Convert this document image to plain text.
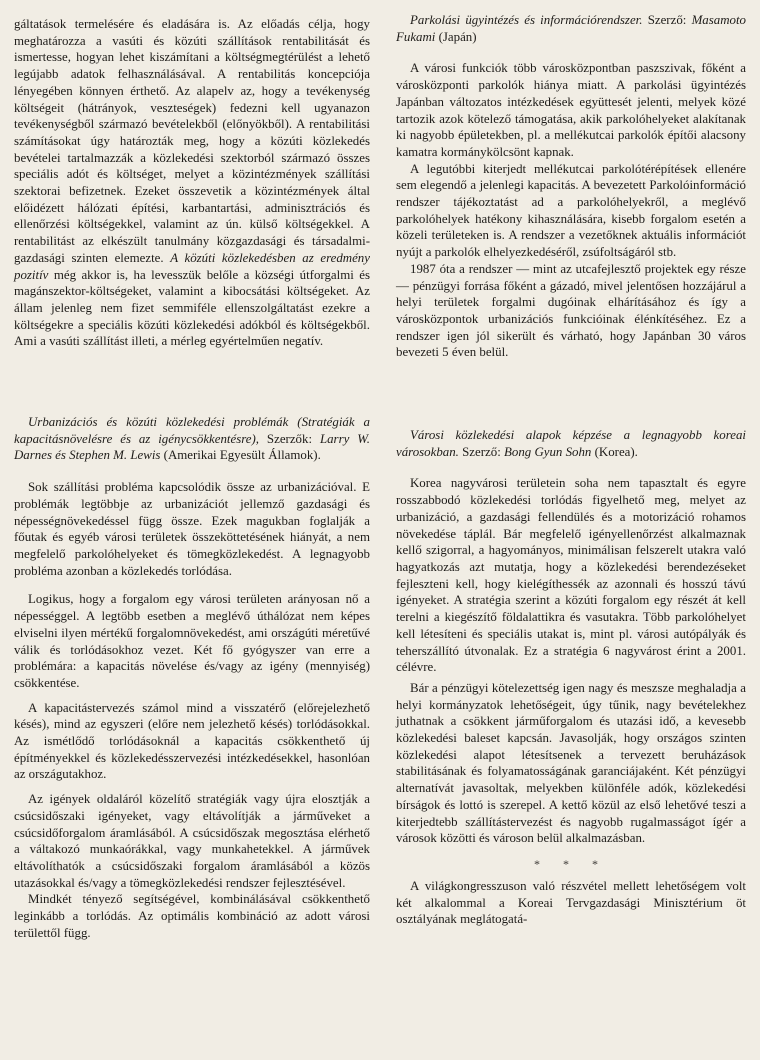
gáltatások termelésére és eladására is. Az előadás célja, hogy meghatározza a vasúti és közúti szállítások rentabilitását és ismertesse, hogyan lehet kiszámítani a költségmegtérülést a lehető legújabb adatok felhasználásával. A rentabilitás koncepciója lényegében könnyen érthető. Az alapelv az, hogy a tevékenység költségeit (hátrányok, veszteségek) fedezni kell ugyanazon tevékenységből származó bevételekből (előnyökből). A rentabilitási számításokat úgy határozták meg, hogy a közúti közlekedés bevételei tartalmazzák a közlekedési szektorból származó összes speciális adót és költséget, melyet a közintézmények szállítási szektorai befizetnek. Ezeket összevetik a közintézmények által előidézett hálózati építési, karbantartási, adminisztrációs és ellenőrzési költségekkel, valamint az ún. külső költségekkel. A rentabilitást az elkészült tanulmány közgazdasági és társadalmi-gazdasági szinten elemezte. A közúti közlekedésben az eredmény pozitív még akkor is, ha levesszük belőle a községi útforgalmi és magánszektor-költségeket, valamint a kibocsátási költségeket. Az állam jelenleg nem fizet semmiféle ellenszolgáltatást ezekre a költségekre a speciális közúti közlekedési adókból és költségekből. Ami a vasúti szállítást illeti, a mérleg egyértelműen negatív.

Urbanizációs és közúti közlekedési problémák (Stratégiák a kapacitásnövelésre és az igénycsökkentésre), Szerzők: Larry W. Darnes és Stephen M. Lewis (Amerikai Egyesült Államok).

Sok szállítási probléma kapcsolódik össze az urbanizációval. E problémák legtöbbje az urbanizációt jellemző gazdasági és népességnövekedéssel függ össze. Ezek magukban foglalják a főutak és egyéb városi területek összeköttetésének hiányát, a nem megfelelő parkolóhelyeket és tömegközlekedést. A legnagyobb probléma azonban a közlekedés torlódása.

Logikus, hogy a forgalom egy városi területen arányosan nő a népességgel. A legtöbb esetben a meglévő úthálózat nem képes elviselni ilyen mértékű forgalomnövekedést, ami országúti méretűvé válik és torlódásokhoz vezet. Két fő gyógyszer van erre a problémára: a kapacitás növelése és/vagy az igény (mennyiség) csökkentése.

A kapacitástervezés számol mind a visszatérő (előrejelezhető késés), mind az egyszeri (előre nem jelezhető késés) torlódásokkal. Az ismétlődő torlódásoknál a kapacitás csökkenthető új építményekkel és közlekedésszervezési intézkedésekkel, hasonlóan az országutakhoz.

Az igények oldaláról közelítő stratégiák vagy újra elosztják a csúcsidőszaki igényeket, vagy eltávolítják a járműveket a csúcsidőforgalom áramlásából. A csúcsidőszak megosztása elérhető a váltakozó munkaórákkal, vagy munkahetekkel. A járművek eltávolíthatók a csúcsidőszaki forgalom áramlásából a közös utazásokkal és/vagy a tömegközlekedési rendszer fejlesztésével.

Mindkét tényező segítségével, kombinálásával csökkenthető leginkább a torlódás. Az optimális kombináció az adott városi területtől függ.

Parkolási ügyintézés és információrendszer. Szerző: Masamoto Fukami (Japán)

A városi funkciók több városközpontban paszszivak, főként a városközponti parkolók hiánya miatt. A parkolási ügyintézés Japánban változatos intézkedések együttesét jelenti, melyek közé tartozik azok kötelező támogatása, akik parkolóhelyeket alakítanak ki nagyobb épületekben, pl. a mellékutcai parkolók építői alacsony kamatra kormánykölcsönt kapnak.

A legutóbbi kiterjedt mellékutcai parkolótérépítések ellenére sem elegendő a jelenlegi kapacitás. A bevezetett Parkolóinformáció rendszer tájékoztatást ad a parkolóhelyekről, a meglévő parkolóhelyek hatékony kihasználására, kisebb forgalom esetén a közeli területeken is. A rendszer a vezetőknek aktuális információt nyújt a parkolók elhelyezkedéséről, zsúfoltságáról stb.

1987 óta a rendszer — mint az utcafejlesztő projektek egy része — pénzügyi forrása főként a gázadó, mivel jelentősen hozzájárul a helyi területek forgalmi dugóinak elhárításához és így a városközpontok urbanizációs funkcióinak élénkítéséhez. Ez a rendszer igen jól sikerült és várható, hogy Japánban 30 város bevezeti 5 éven belül.

Városi közlekedési alapok képzése a legnagyobb koreai városokban. Szerző: Bong Gyun Sohn (Korea).

Korea nagyvárosi területein soha nem tapasztalt és egyre rosszabbodó közlekedési torlódás figyelhető meg, melyet az urbanizáció, a gazdasági fellendülés és a motorizáció rohamos növekedése táplál. Bár megfelelő igényellenőrzést alkalmaznak kellő szigorral, a hagyományos, minimálisan felszerelt utakra való hagyatkozás azt mutatja, hogy a közlekedési berendezéseket fejleszteni kell, hogy kielégíthessék az azonnali és hosszú távú igényeket. A stratégia szerint a közúti forgalom egy részét át kell terelni a kiegészítő földalattikra és vasutakra. Több parkolóhelyet kell létesíteni és speciális utakat is, mint pl. városi autópályák és teherszállító útvonalak. Ez a stratégia 6 nagyvárost érint a 2001. célévre.

Bár a pénzügyi kötelezettség igen nagy és meszsze meghaladja a helyi kormányzatok lehetőségeit, úgy tűnik, nagy bevételekhez juthatnak a csökkent járműforgalom és utazási idő, a kevesebb közlekedési baleset kapcsán. Javasolják, hogy országos szinten közlekedési alapot létesítsenek a tervezett beruházások stabilitásának és folyamatosságának garanciájaként. Két pénzügyi alternatívát javasoltak, melyekben különféle adók, közlekedési bírságok és lottó is szerepel. A kettő közül az első lehetővé teszi a kiterjedtebb szállítástervezést és nagyobb rugalmasságot ígér a városok közötti és városon belül alkalmazásban.

* * *

A világkongresszuson való részvétel mellett lehetőségem volt két alkalommal a Koreai Tervgazdasági Minisztérium öt osztályának meglátogatá-
